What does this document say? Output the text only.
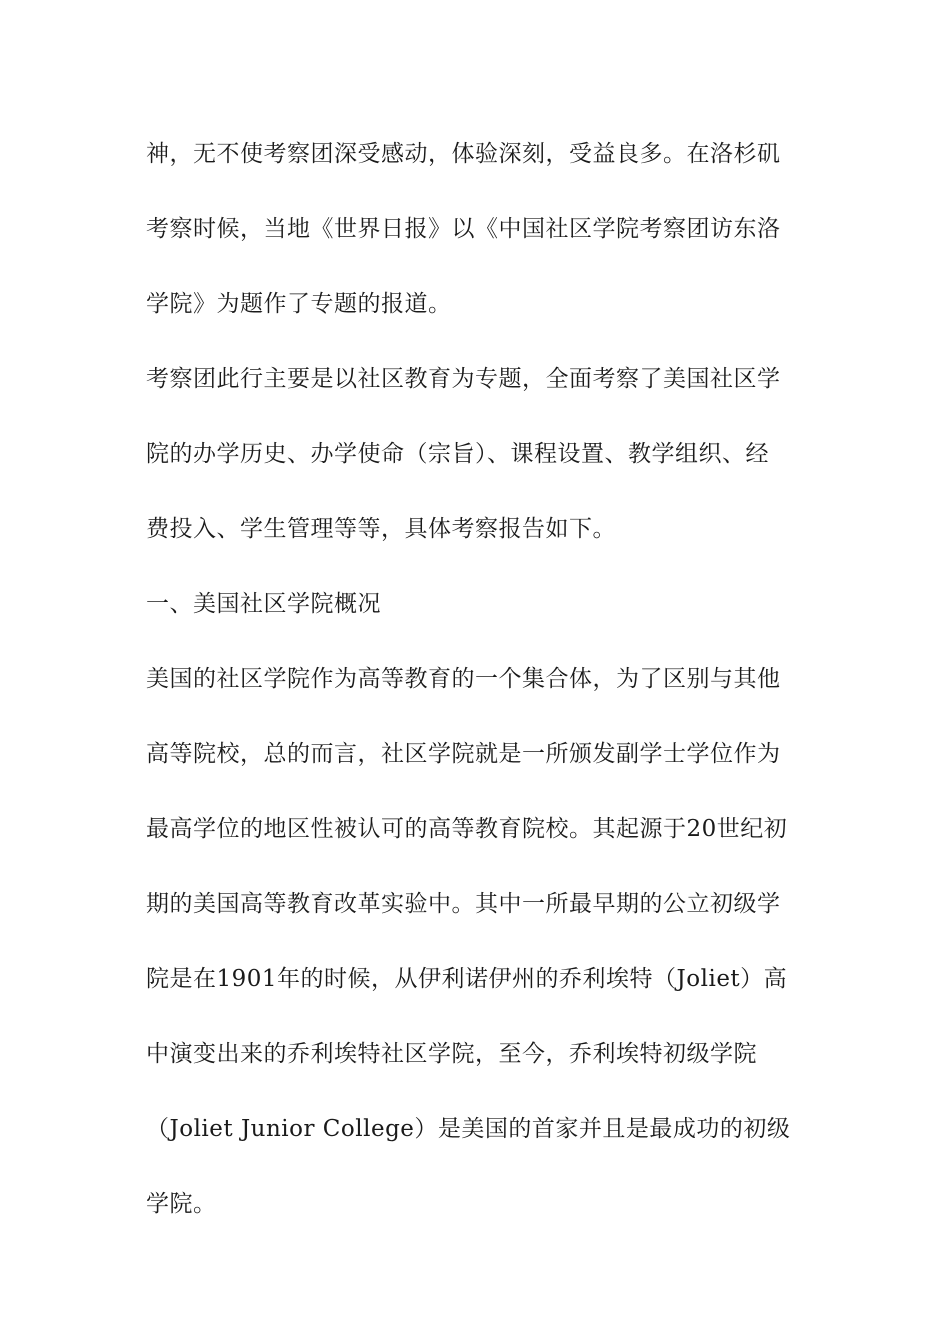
神，无不使考察团深受感动，体验深刻，受益良多。在洛杉矶
考察时候，当地《世界日报》以《中国社区学院考察团访东洛
学院》为题作了专题的报道。
考察团此行主要是以社区教育为专题，全面考察了美国社区学
院的办学历史、办学使命（宗旨）、课程设置、教学组织、经
费投入、学生管理等等，具体考察报告如下。
一、美国社区学院概况
美国的社区学院作为高等教育的一个集合体，为了区别与其他
高等院校，总的而言，社区学院就是一所颁发副学士学位作为
最高学位的地区性被认可的高等教育院校。其起源于20世纪初
期的美国高等教育改革实验中。其中一所最早期的公立初级学
院是在1901年的时候，从伊利诺伊州的乔利埃特（Joliet）高
中演变出来的乔利埃特社区学院，至今，乔利埃特初级学院
（Joliet Junior College）是美国的首家并且是最成功的初级
学院。
